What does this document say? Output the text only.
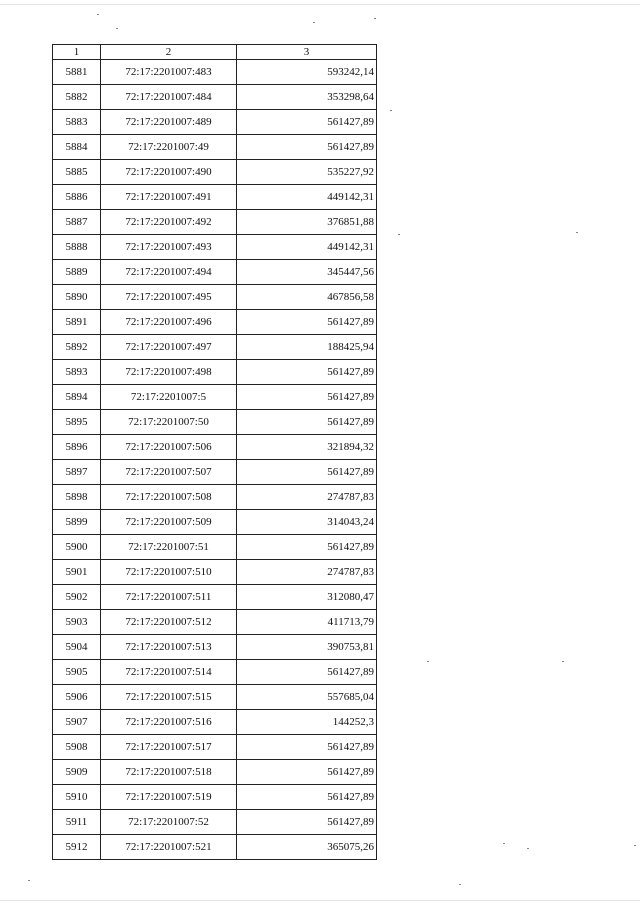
1	2	3
5881	72:17:2201007:483	593242,14
5882	72:17:2201007:484	353298,64
5883	72:17:2201007:489	561427,89
5884	72:17:2201007:49	561427,89
5885	72:17:2201007:490	535227,92
5886	72:17:2201007:491	449142,31
5887	72:17:2201007:492	376851,88
5888	72:17:2201007:493	449142,31
5889	72:17:2201007:494	345447,56
5890	72:17:2201007:495	467856,58
5891	72:17:2201007:496	561427,89
5892	72:17:2201007:497	188425,94
5893	72:17:2201007:498	561427,89
5894	72:17:2201007:5	561427,89
5895	72:17:2201007:50	561427,89
5896	72:17:2201007:506	321894,32
5897	72:17:2201007:507	561427,89
5898	72:17:2201007:508	274787,83
5899	72:17:2201007:509	314043,24
5900	72:17:2201007:51	561427,89
5901	72:17:2201007:510	274787,83
5902	72:17:2201007:511	312080,47
5903	72:17:2201007:512	411713,79
5904	72:17:2201007:513	390753,81
5905	72:17:2201007:514	561427,89
5906	72:17:2201007:515	557685,04
5907	72:17:2201007:516	144252,3
5908	72:17:2201007:517	561427,89
5909	72:17:2201007:518	561427,89
5910	72:17:2201007:519	561427,89
5911	72:17:2201007:52	561427,89
5912	72:17:2201007:521	365075,26
